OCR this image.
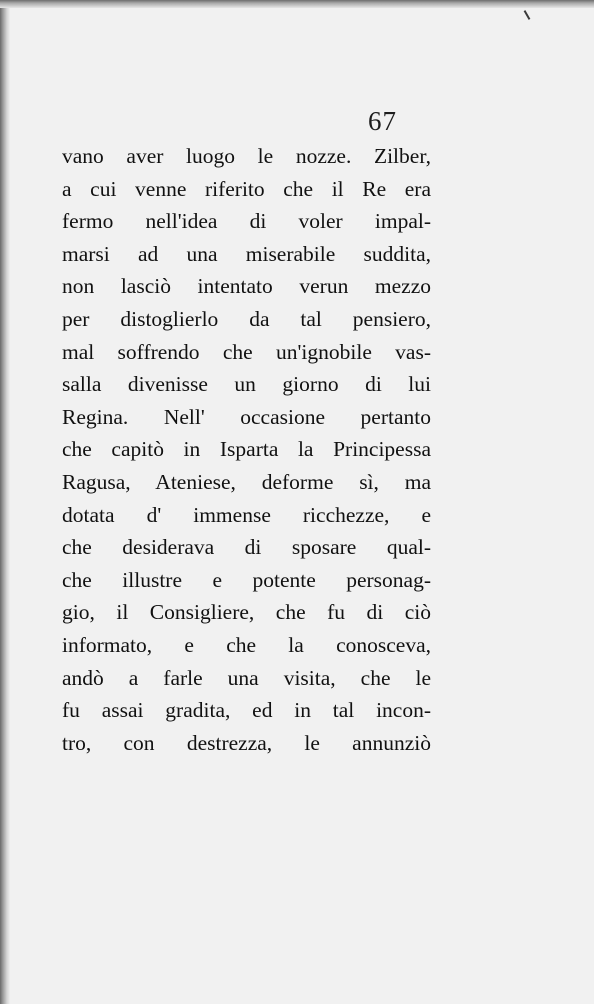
67
vano aver luogo le nozze. Zilber,
a cui venne riferito che il Re era
fermo nell'idea di voler impal-
marsi ad una miserabile suddita,
non lasciò intentato verun mezzo
per distoglierlo da tal pensiero,
mal soffrendo che un'ignobile vas-
salla divenisse un giorno di lui
Regina. Nell' occasione pertanto
che capitò in Isparta la Principessa
Ragusa, Ateniese, deforme sì, ma
dotata d' immense ricchezze, e
che desiderava di sposare qual-
che illustre e potente personag-
gio, il Consigliere, che fu di ciò
informato, e che la conosceva,
andò a farle una visita, che le
fu assai gradita, ed in tal incon-
tro, con destrezza, le annunziò
